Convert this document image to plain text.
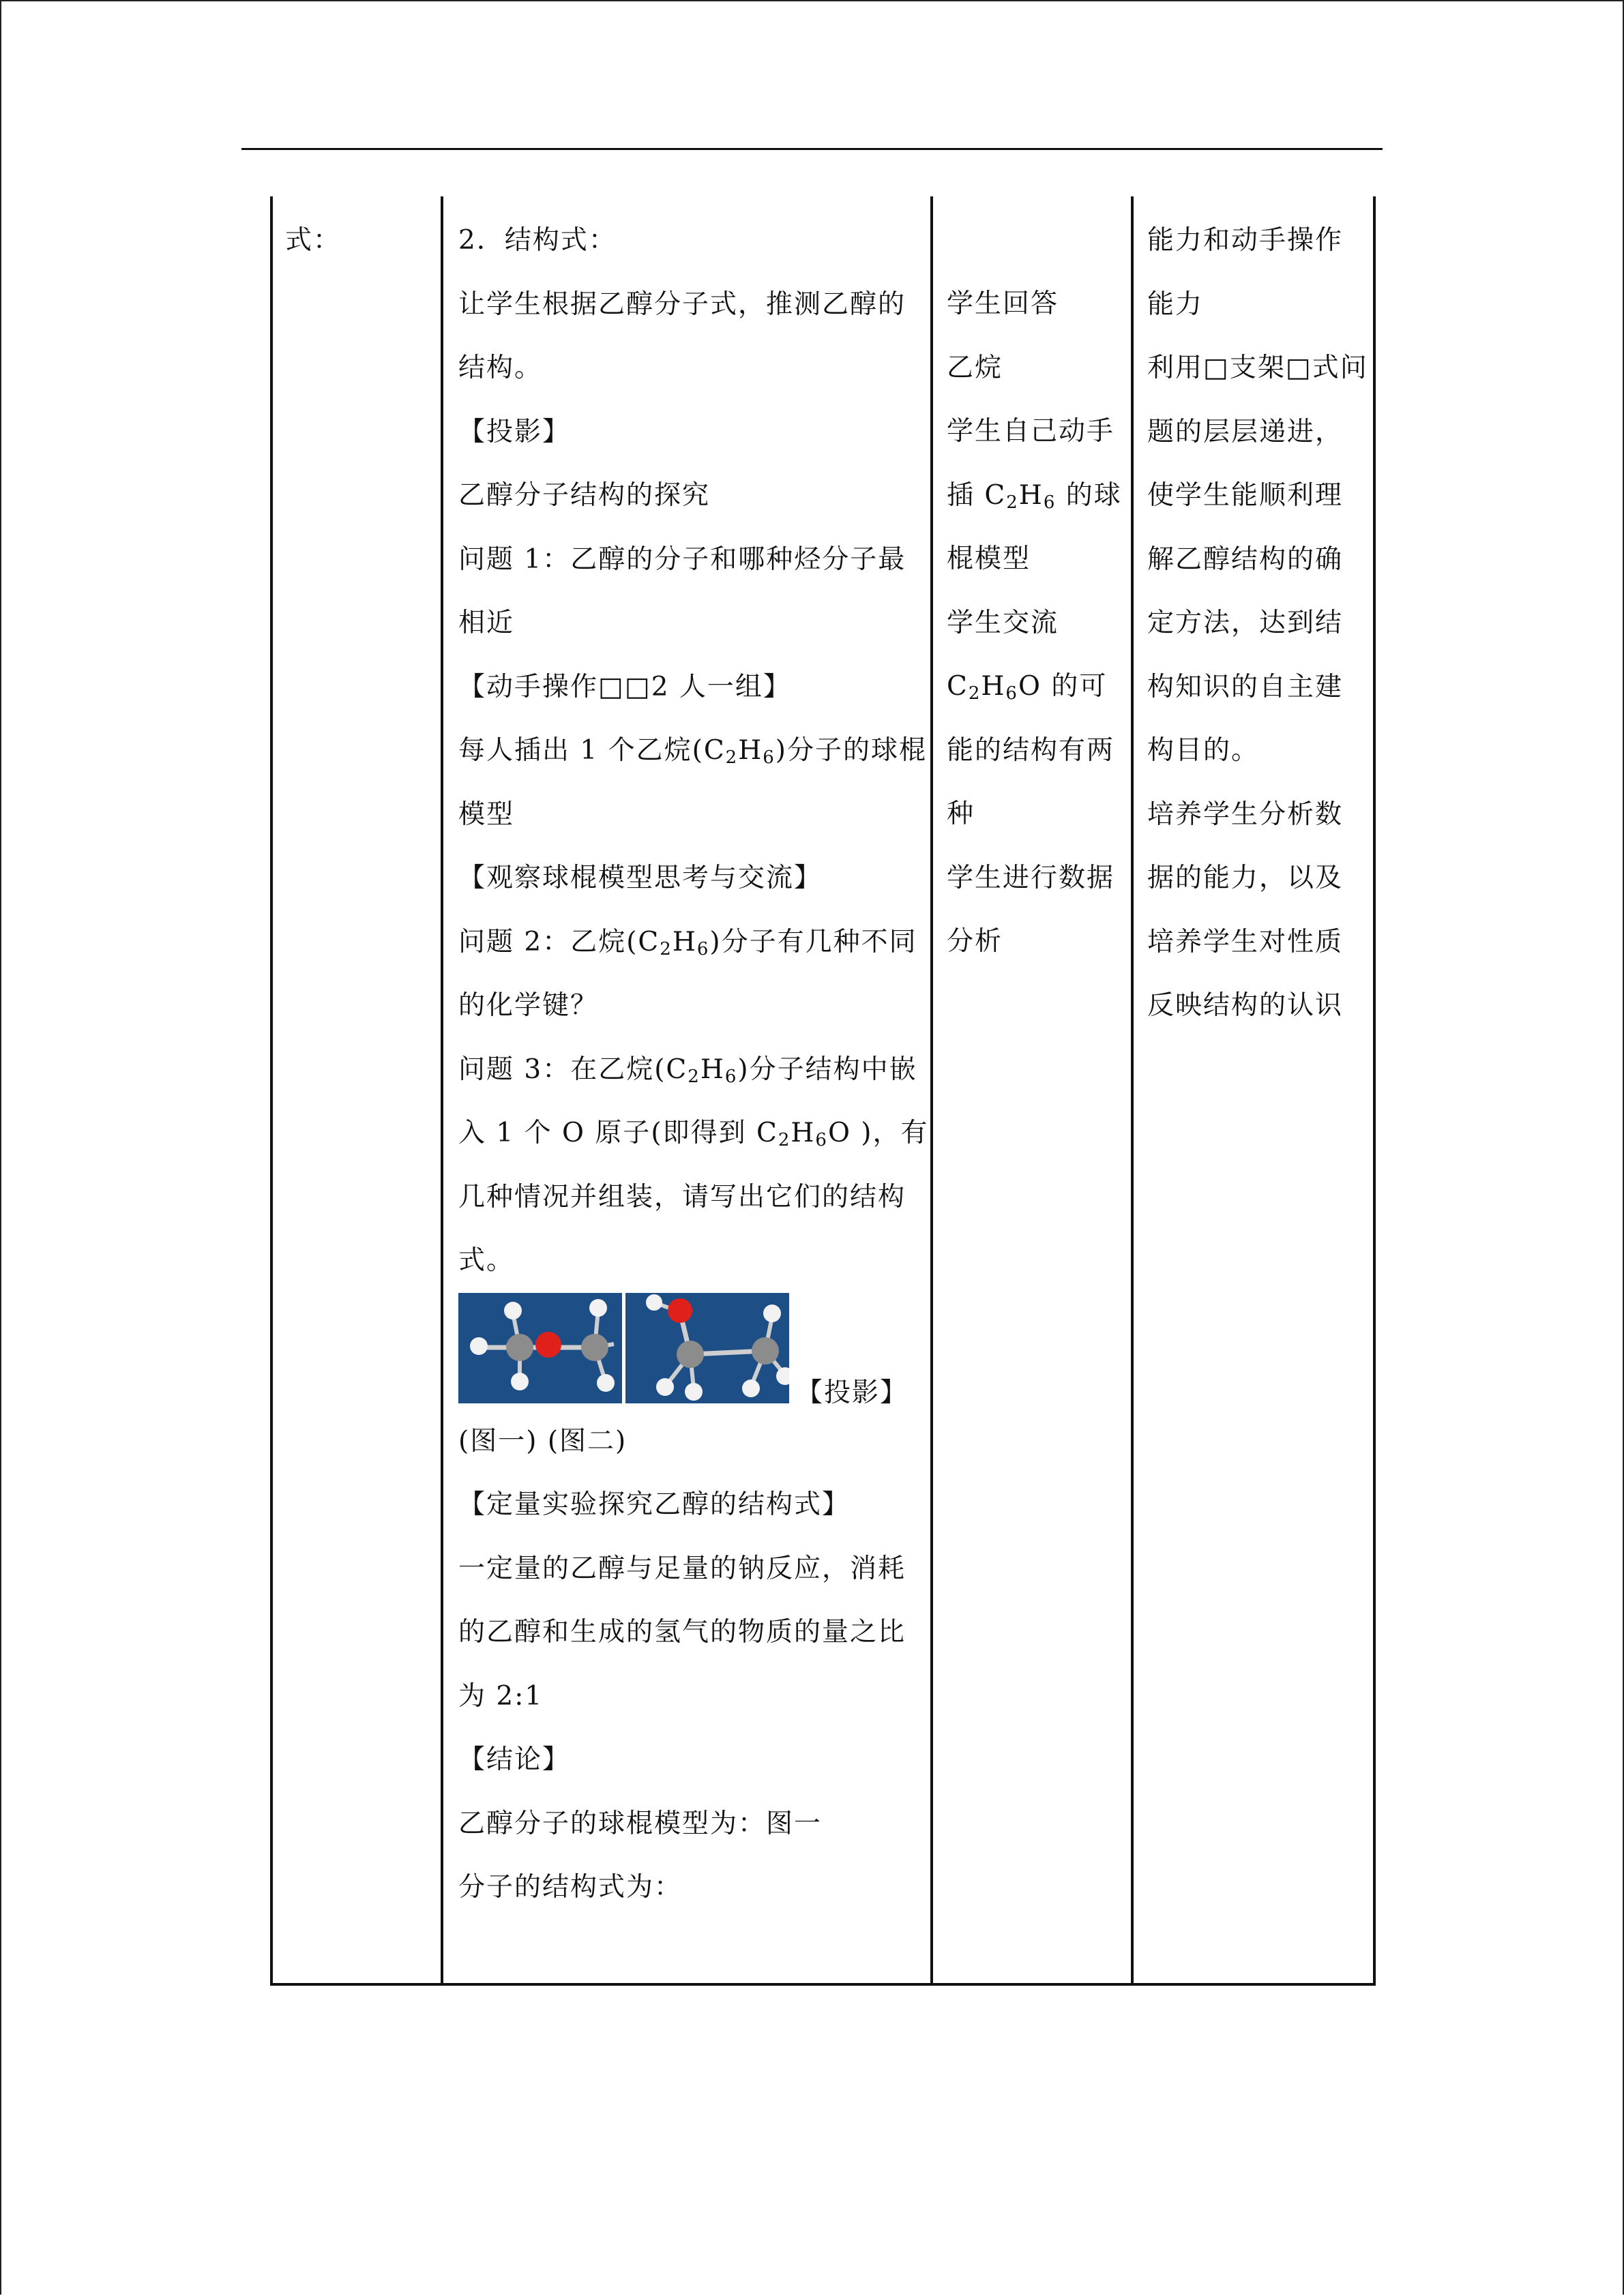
式：	2．结构式：
让学生根据乙醇分子式，推测乙醇的
结构。
【投影】
乙醇分子结构的探究
问题 1：乙醇的分子和哪种烃分子最
相近
【动手操作□□2 人一组】
每人插出 1 个乙烷$(C_2H_6)$分子的球棍
模型
【观察球棍模型思考与交流】
问题 2：乙烷$(C_2H_6)$分子有几种不同
的化学键？
问题 3：在乙烷$(C_2H_6)$分子结构中嵌
入 1 个 O 原子(即得到 $C_2H_6O$ )，有
几种情况并组装，请写出它们的结构
式。
【投影】
(图一) (图二)
【定量实验探究乙醇的结构式】
一定量的乙醇与足量的钠反应，消耗
的乙醇和生成的氢气的物质的量之比
为 2:1
【结论】
乙醇分子的球棍模型为：图一
分子的结构式为：
学生回答
乙烷
学生自己动手
插 $C_2H_6$ 的球
棍模型
学生交流
$C_2H_6O$ 的可
能的结构有两
种
学生进行数据
分析
能力和动手操作
能力
利用□支架□式问
题的层层递进，
使学生能顺利理
解乙醇结构的确
定方法，达到结
构知识的自主建
构目的。
培养学生分析数
据的能力，以及
培养学生对性质
反映结构的认识
